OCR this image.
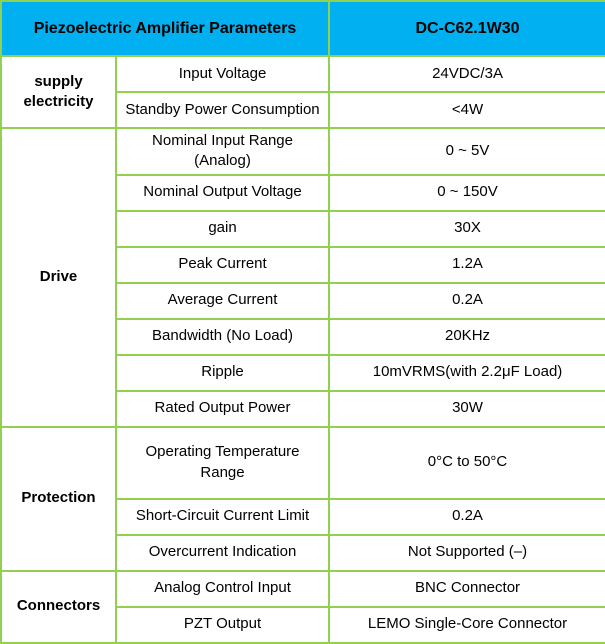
Piezoelectric Amplifier Parameters		DC-C62.1W30
supply electricity	Input Voltage	24VDC/3A
	Standby Power Consumption	<4W
Drive	Nominal Input Range (Analog)	0 ~ 5V
	Nominal Output Voltage	0 ~ 150V
	gain	30X
	Peak Current	1.2A
	Average Current	0.2A
	Bandwidth (No Load)	20KHz
	Ripple	10mVRMS(with 2.2μF Load)
	Rated Output Power	30W
Protection	Operating Temperature Range	0°C to 50°C
	Short-Circuit Current Limit	0.2A
	Overcurrent Indication	Not Supported (–)
Connectors	Analog Control Input	BNC Connector
	PZT Output	LEMO Single-Core Connector
